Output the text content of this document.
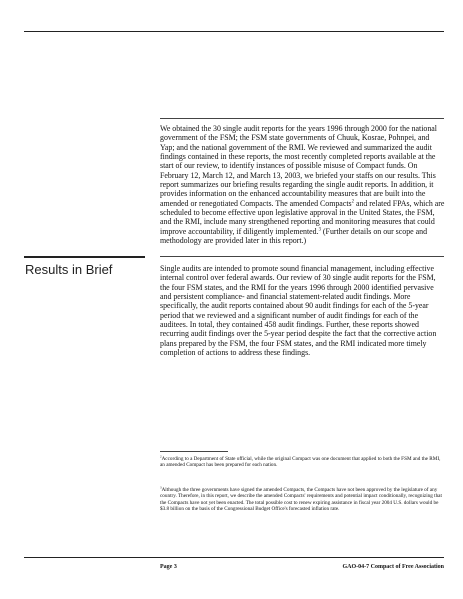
We obtained the 30 single audit reports for the years 1996 through 2000 for the national government of the FSM; the FSM state governments of Chuuk, Kosrae, Pohnpei, and Yap; and the national government of the RMI. We reviewed and summarized the audit findings contained in these reports, the most recently completed reports available at the start of our review, to identify instances of possible misuse of Compact funds. On February 12, March 12, and March 13, 2003, we briefed your staffs on our results. This report summarizes our briefing results regarding the single audit reports. In addition, it provides information on the enhanced accountability measures that are built into the amended or renegotiated Compacts. The amended Compacts$^2$ and related FPAs, which are scheduled to become effective upon legislative approval in the United States, the FSM, and the RMI, include many strengthened reporting and monitoring measures that could improve accountability, if diligently implemented.$^3$ (Further details on our scope and methodology are provided later in this report.)

Results in Brief	Single audits are intended to promote sound financial management, including effective internal control over federal awards. Our review of 30 single audit reports for the FSM, the four FSM states, and the RMI for the years 1996 through 2000 identified pervasive and persistent compliance- and financial statement-related audit findings. More specifically, the audit reports contained about 90 audit findings for each of the 5-year period that we reviewed and a significant number of audit findings for each of the auditees. In total, they contained 458 audit findings. Further, these reports showed recurring audit findings over the 5-year period despite the fact that the corrective action plans prepared by the FSM, the four FSM states, and the RMI indicated more timely completion of actions to address these findings.

$^2$According to a Department of State official, while the original Compact was one document that applied to both the FSM and the RMI, an amended Compact has been prepared for each nation.

$^3$Although the three governments have signed the amended Compacts, the Compacts have not been approved by the legislature of any country. Therefore, in this report, we describe the amended Compacts' requirements and potential impact conditionally, recognizing that the Compacts have not yet been enacted. The total possible cost to renew expiring assistance in fiscal year 2004 U.S. dollars would be $3.8 billion on the basis of the Congressional Budget Office's forecasted inflation rate.

Page 3	GAO-04-7 Compact of Free Association
